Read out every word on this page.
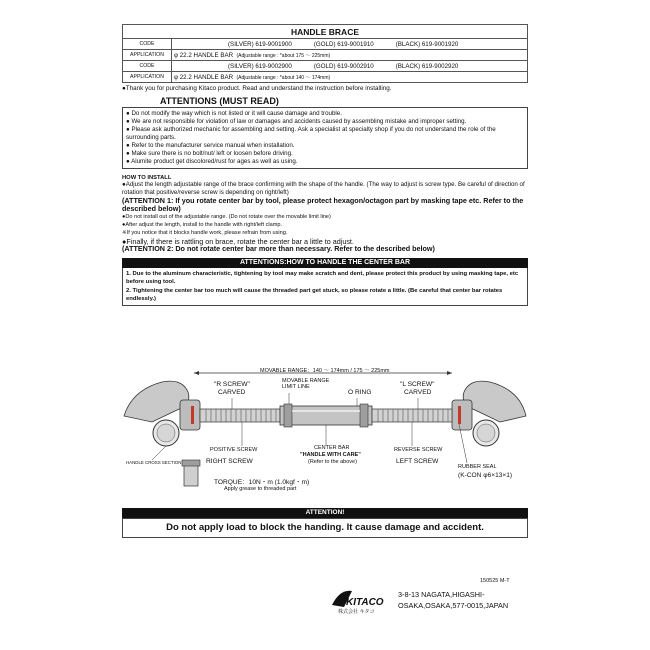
HANDLE BRACE	
CODE	(SILVER) 619-9001900 (GOLD) 619-9001910 (BLACK) 619-9001920

APPLICATION	φ 22.2 HANDLE BAR (Adjustable range : *about 175 ～ 225mm)
CODE	(SILVER) 619-9002900 (GOLD) 619-9002910 (BLACK) 619-9002920

APPLICATION	φ 22.2 HANDLE BAR (Adjustable range : *about 140 ～ 174mm)
●Thank you for purchasing Kitaco product. Read and understand the instruction before installing.
ATTENTIONS (MUST READ)
● Do not modify the way which is not listed or it will cause damage and trouble.
● We are not responsible for violation of law or damages and accidents caused by assembling mistake and improper setting.
● Please ask authorized mechanic for assembling and setting. Ask a specialist at specialty shop if you do not understand the role of the surrounding parts.
● Refer to the manufacturer service manual when installation.
● Make sure there is no bolt/nut/ left or loosen before driving.
● Alumite product get discolored/rust for ages as well as using.
HOW TO INSTALL
●Adjust the length adjustable range of the brace confirming with the shape of the handle. (The way to adjust is screw type. Be careful of direction of rotation that positive/reverse screw is depending on right/left)
(ATTENTION 1: If you rotate center bar by tool, please protect hexagon/octagon part by masking tape etc. Refer to the described below)
●Do not install out of the adjustable range. (Do not rotate over the movable limit line)
●After adjust the length, install to the handle with right/left clamp.
※If you notice that it blocks handle work, please refrain from using.
●Finally, if there is rattling on brace, rotate the center bar a little to adjust.
(ATTENTION 2: Do not rotate center bar more than necessary. Refer to the described below)
ATTENTIONS:HOW TO HANDLE THE CENTER BAR
1. Due to the aluminum characteristic, tightening by tool may make scratch and dent, please protect this product by using masking tape, etc before using tool.
2. Tightening the center bar too much will cause the threaded part get stuck, so please rotate a little. (Be careful that center bar rotates endlessly.)
MOVABLE RANGE：140 ～ 174mm / 175 ～ 225mm
"R SCREW"
CARVED
MOVABLE RANGE LIMIT LINE
O RING
"L SCREW"
CARVED
POSITIVE SCREW	CENTER BAR
"HANDLE WITH CARE"
(Refer to the above)
REVERSE SCREW
RIGHT SCREW	LEFT SCREW
HANDLE CROSS SECTION
RUBBER SEAL
(K-CON φ6×13×1)
TORQUE：10N・m (1.0kgf・m)
Apply grease to threaded part
ATTENTION!
Do not apply load to block the handing. It cause damage and accident.
150525 M-T
KITACO
株式会社 キタコ
3-8-13 NAGATA,HIGASHI-
OSAKA,OSAKA,577-0015,JAPAN
